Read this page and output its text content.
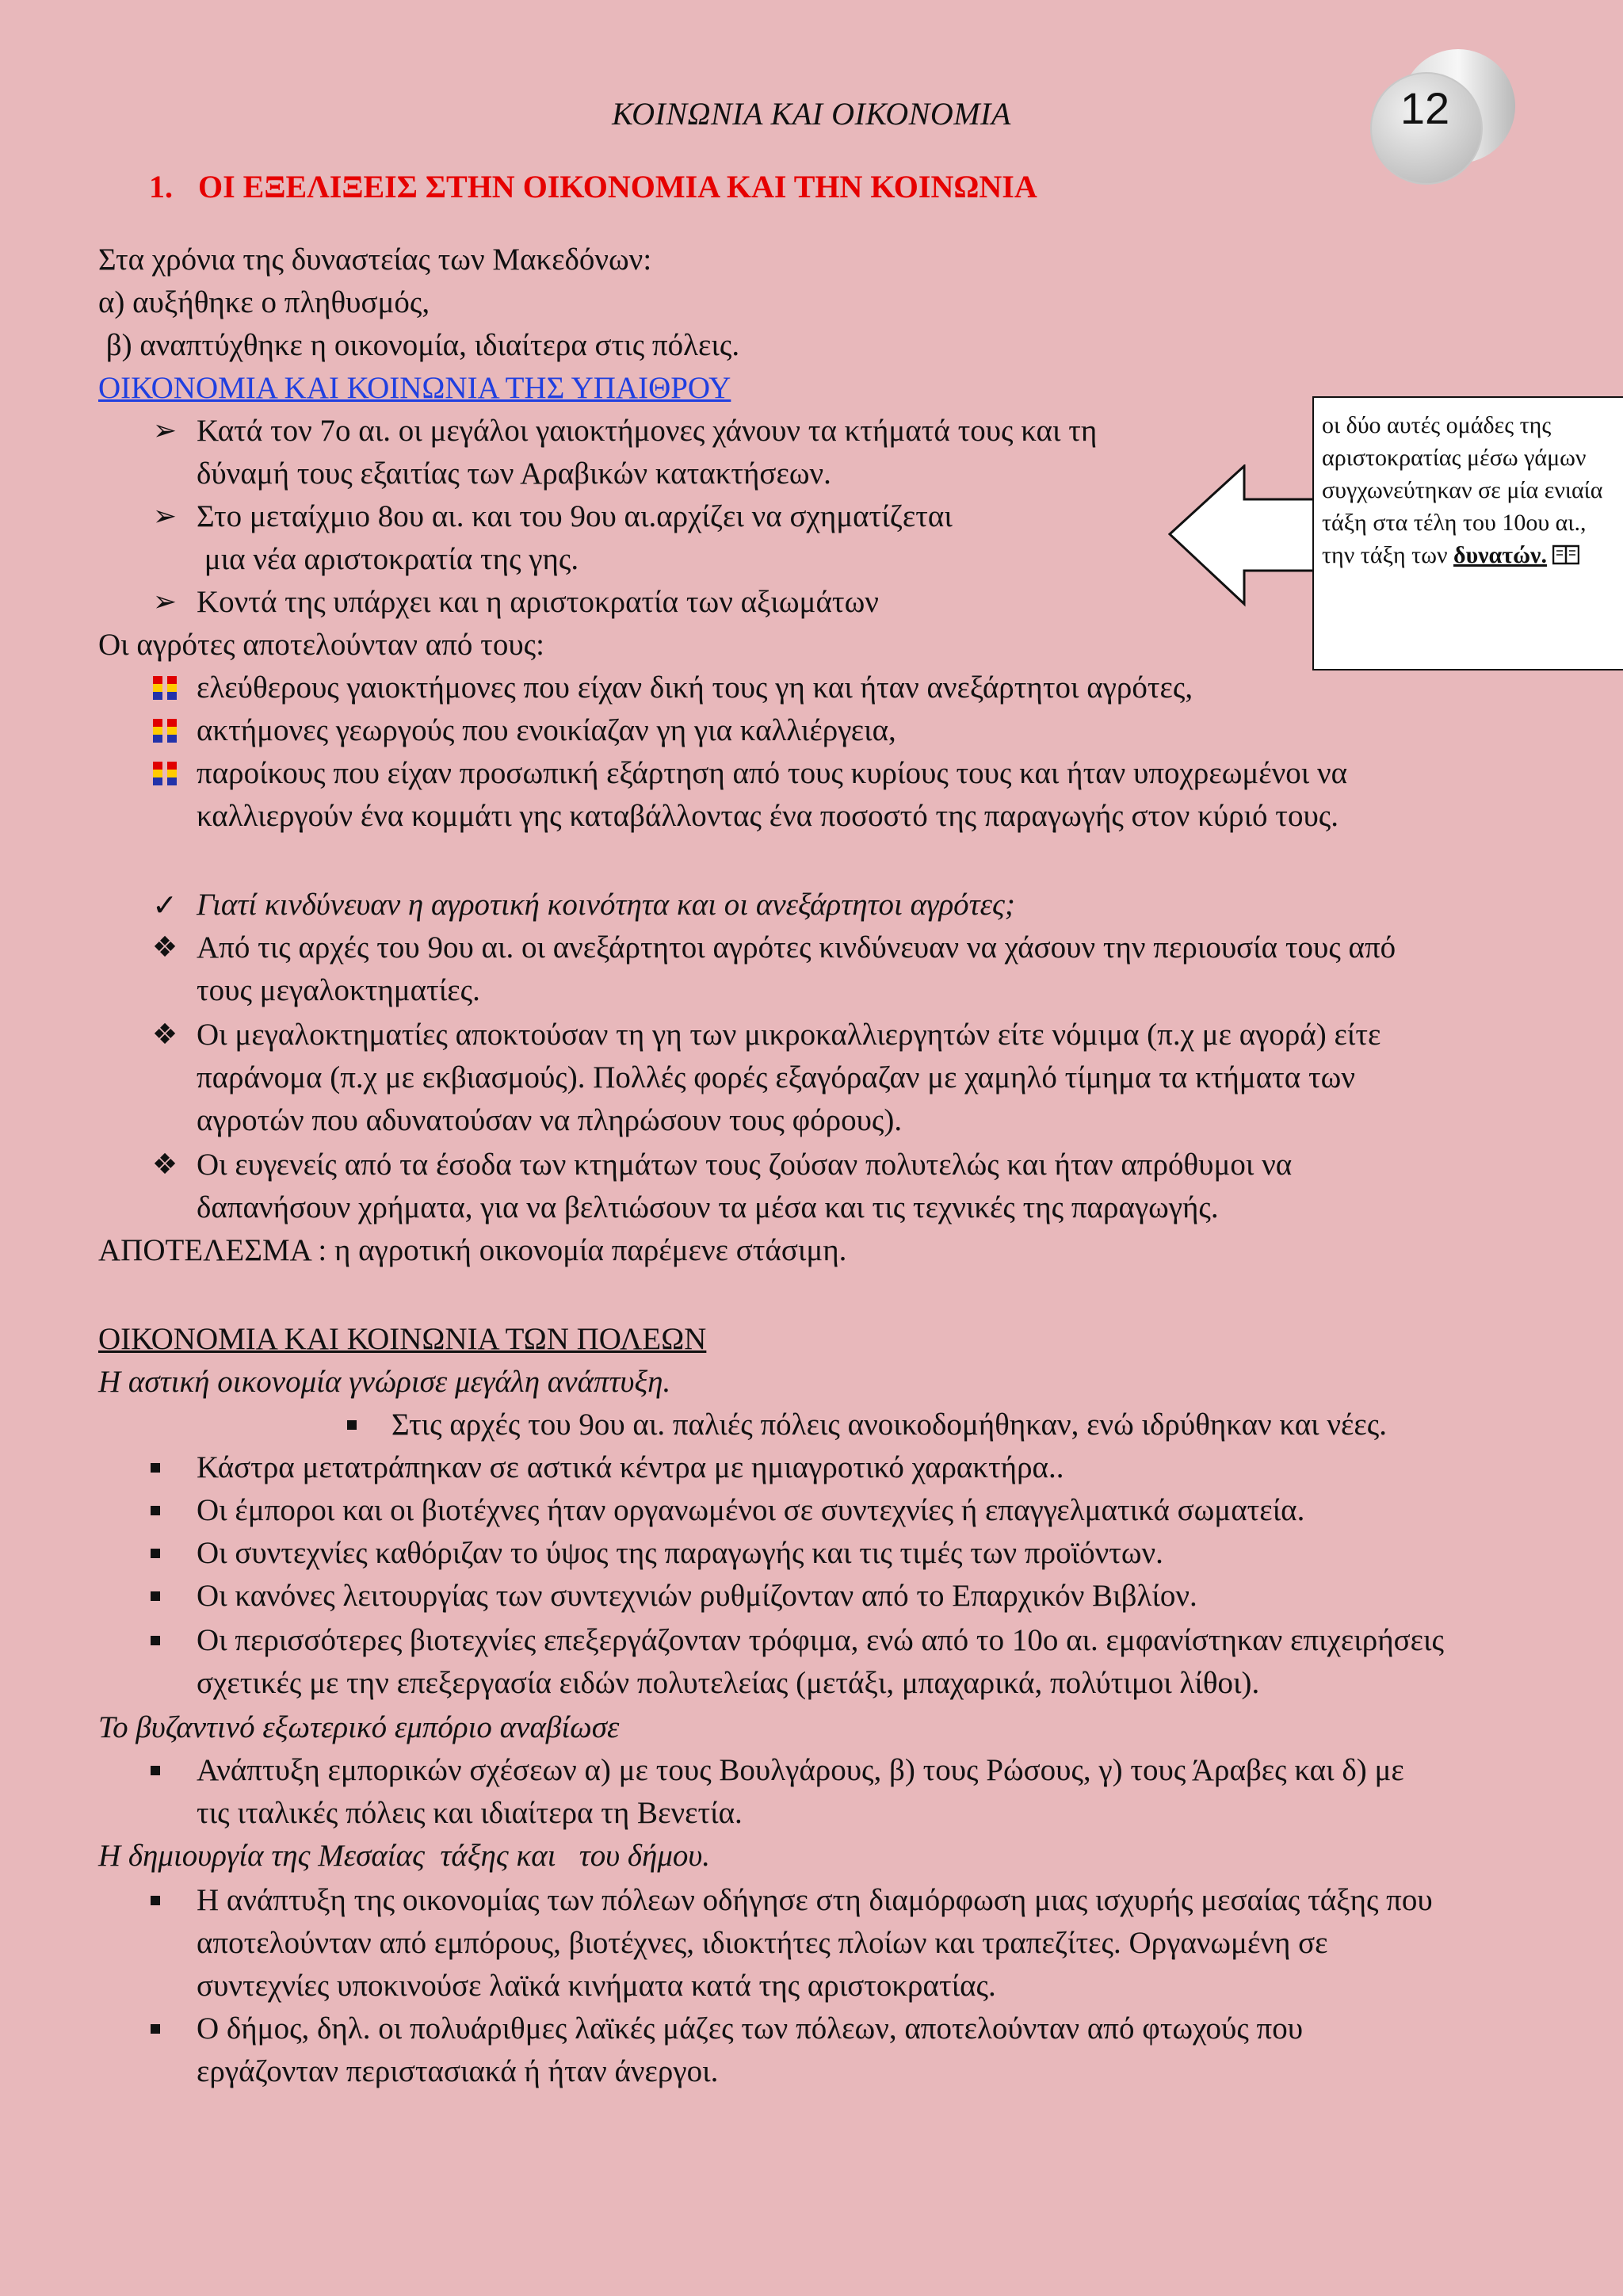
12
ΚΟΙΝΩΝΙΑ ΚΑΙ ΟΙΚΟΝΟΜΙΑ
1. ΟΙ ΕΞΕΛΙΞΕΙΣ ΣΤΗΝ ΟΙΚΟΝΟΜΙΑ ΚΑΙ ΤΗΝ ΚΟΙΝΩΝΙΑ
Στα χρόνια της δυναστείας των Μακεδόνων:
α) αυξήθηκε ο πληθυσμός,
β) αναπτύχθηκε η οικονομία, ιδιαίτερα στις πόλεις.
ΟΙΚΟΝΟΜΙΑ ΚΑΙ ΚΟΙΝΩΝΙΑ ΤΗΣ ΥΠΑΙΘΡΟΥ
➢ Κατά τον 7ο αι. οι μεγάλοι γαιοκτήμονες χάνουν τα κτήματά τους και τη
δύναμή τους εξαιτίας των Αραβικών κατακτήσεων.
➢ Στο μεταίχμιο 8ου αι. και του 9ου αι.αρχίζει να σχηματίζεται
μια νέα αριστοκρατία της γης.
➢ Κοντά της υπάρχει και η αριστοκρατία των αξιωμάτων
οι δύο αυτές ομάδες της αριστοκρατίας μέσω γάμων συγχωνεύτηκαν σε μία ενιαία τάξη στα τέλη του 10ου αι., την τάξη των δυνατών.
Οι αγρότες αποτελούνταν από τους:
ελεύθερους γαιοκτήμονες που είχαν δική τους γη και ήταν ανεξάρτητοι αγρότες,
ακτήμονες γεωργούς που ενοικίαζαν γη για καλλιέργεια,
παροίκους που είχαν προσωπική εξάρτηση από τους κυρίους τους και ήταν υποχρεωμένοι να
καλλιεργούν ένα κομμάτι γης καταβάλλοντας ένα ποσοστό της παραγωγής στον κύριό τους.
✓ Γιατί κινδύνευαν η αγροτική κοινότητα και οι ανεξάρτητοι αγρότες;
❖ Από τις αρχές του 9ου αι. οι ανεξάρτητοι αγρότες κινδύνευαν να χάσουν την περιουσία τους από
τους μεγαλοκτηματίες.
❖ Οι μεγαλοκτηματίες αποκτούσαν τη γη των μικροκαλλιεργητών είτε νόμιμα (π.χ με αγορά) είτε
παράνομα (π.χ με εκβιασμούς). Πολλές φορές εξαγόραζαν με χαμηλό τίμημα τα κτήματα των
αγροτών που αδυνατούσαν να πληρώσουν τους φόρους).
❖ Οι ευγενείς από τα έσοδα των κτημάτων τους ζούσαν πολυτελώς και ήταν απρόθυμοι να
δαπανήσουν χρήματα, για να βελτιώσουν τα μέσα και τις τεχνικές της παραγωγής.
ΑΠΟΤΕΛΕΣΜΑ : η αγροτική οικονομία παρέμενε στάσιμη.
ΟΙΚΟΝΟΜΙΑ ΚΑΙ ΚΟΙΝΩΝΙΑ ΤΩΝ ΠΟΛΕΩΝ
Η αστική οικονομία γνώρισε μεγάλη ανάπτυξη.
Στις αρχές του 9ου αι. παλιές πόλεις ανοικοδομήθηκαν, ενώ ιδρύθηκαν και νέες.
Κάστρα μετατράπηκαν σε αστικά κέντρα με ημιαγροτικό χαρακτήρα..
Οι έμποροι και οι βιοτέχνες ήταν οργανωμένοι σε συντεχνίες ή επαγγελματικά σωματεία.
Οι συντεχνίες καθόριζαν το ύψος της παραγωγής και τις τιμές των προϊόντων.
Οι κανόνες λειτουργίας των συντεχνιών ρυθμίζονταν από το Επαρχικόν Βιβλίον.
Οι περισσότερες βιοτεχνίες επεξεργάζονταν τρόφιμα, ενώ από το 10ο αι. εμφανίστηκαν επιχειρήσεις
σχετικές με την επεξεργασία ειδών πολυτελείας (μετάξι, μπαχαρικά, πολύτιμοι λίθοι).
Το βυζαντινό εξωτερικό εμπόριο αναβίωσε
Ανάπτυξη εμπορικών σχέσεων α) με τους Βουλγάρους, β) τους Ρώσους, γ) τους Άραβες και δ) με
τις ιταλικές πόλεις και ιδιαίτερα τη Βενετία.
Η δημιουργία της Μεσαίας  τάξης και   του δήμου.
Η ανάπτυξη της οικονομίας των πόλεων οδήγησε στη διαμόρφωση μιας ισχυρής μεσαίας τάξης που
αποτελούνταν από εμπόρους, βιοτέχνες, ιδιοκτήτες πλοίων και τραπεζίτες. Οργανωμένη σε
συντεχνίες υποκινούσε λαϊκά κινήματα κατά της αριστοκρατίας.
Ο δήμος, δηλ. οι πολυάριθμες λαϊκές μάζες των πόλεων, αποτελούνταν από φτωχούς που
εργάζονταν περιστασιακά ή ήταν άνεργοι.
